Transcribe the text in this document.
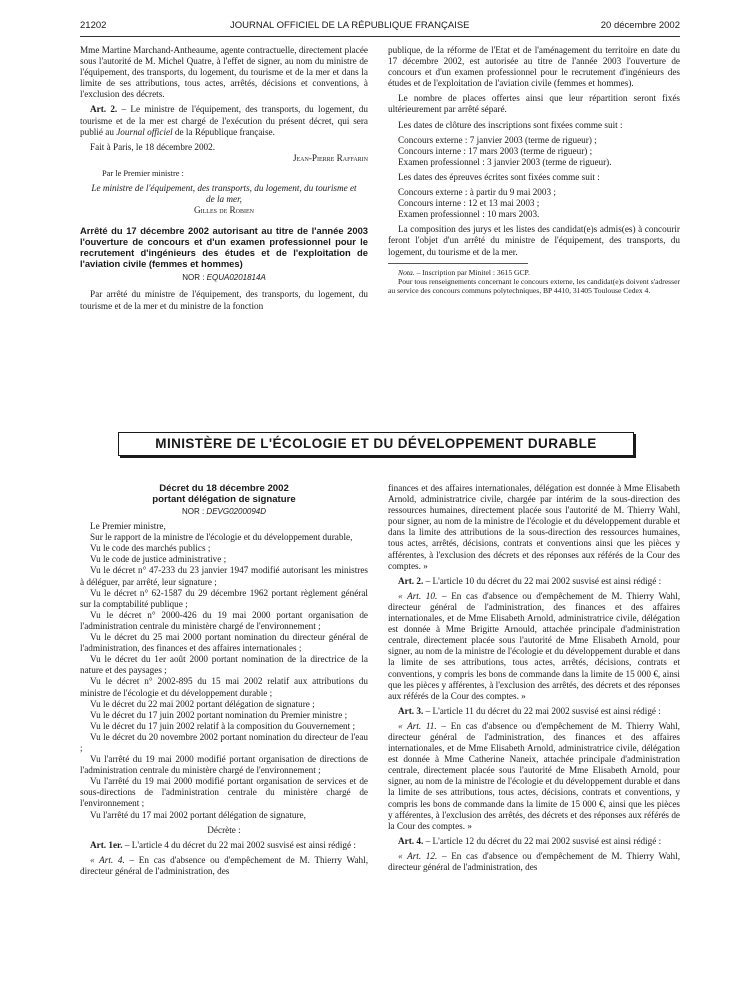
21202	JOURNAL OFFICIEL DE LA RÉPUBLIQUE FRANÇAISE	20 décembre 2002

Mme Martine Marchand-Antheaume, agente contractuelle, directement placée sous l'autorité de M. Michel Quatre, à l'effet de signer, au nom du ministre de l'équipement, des transports, du logement, du tourisme et de la mer et dans la limite de ses attributions, tous actes, arrêtés, décisions et conventions, à l'exclusion des décrets.

Art. 2. – Le ministre de l'équipement, des transports, du logement, du tourisme et de la mer est chargé de l'exécution du présent décret, qui sera publié au Journal officiel de la République française.

Fait à Paris, le 18 décembre 2002.

Jean-Pierre Raffarin

Par le Premier ministre :

Le ministre de l'équipement, des transports, du logement, du tourisme et de la mer,

Gilles de Robien

Arrêté du 17 décembre 2002 autorisant au titre de l'année 2003 l'ouverture de concours et d'un examen professionnel pour le recrutement d'ingénieurs des études et de l'exploitation de l'aviation civile (femmes et hommes)

NOR : EQUA0201814A

Par arrêté du ministre de l'équipement, des transports, du logement, du tourisme et de la mer et du ministre de la fonction

publique, de la réforme de l'Etat et de l'aménagement du territoire en date du 17 décembre 2002, est autorisée au titre de l'année 2003 l'ouverture de concours et d'un examen professionnel pour le recrutement d'ingénieurs des études et de l'exploitation de l'aviation civile (femmes et hommes).

Le nombre de places offertes ainsi que leur répartition seront fixés ultérieurement par arrêté séparé.

Les dates de clôture des inscriptions sont fixées comme suit :

Concours externe : 7 janvier 2003 (terme de rigueur) ;

Concours interne : 17 mars 2003 (terme de rigueur) ;

Examen professionnel : 3 janvier 2003 (terme de rigueur).

Les dates des épreuves écrites sont fixées comme suit :

Concours externe : à partir du 9 mai 2003 ;

Concours interne : 12 et 13 mai 2003 ;

Examen professionnel : 10 mars 2003.

La composition des jurys et les listes des candidat(e)s admis(es) à concourir feront l'objet d'un arrêté du ministre de l'équipement, des transports, du logement, du tourisme et de la mer.

Nota. – Inscription par Minitel : 3615 GCP.

Pour tous renseignements concernant le concours externe, les candidat(e)s doivent s'adresser au service des concours communs polytechniques, BP 4410, 31405 Toulouse Cedex 4.

MINISTÈRE DE L'ÉCOLOGIE ET DU DÉVELOPPEMENT DURABLE

Décret du 18 décembre 2002

portant délégation de signature

NOR : DEVG0200094D

Le Premier ministre,

Sur le rapport de la ministre de l'écologie et du développement durable,

Vu le code des marchés publics ;

Vu le code de justice administrative ;

Vu le décret n° 47-233 du 23 janvier 1947 modifié autorisant les ministres à déléguer, par arrêté, leur signature ;

Vu le décret n° 62-1587 du 29 décembre 1962 portant règlement général sur la comptabilité publique ;

Vu le décret n° 2000-426 du 19 mai 2000 portant organisation de l'administration centrale du ministère chargé de l'environnement ;

Vu le décret du 25 mai 2000 portant nomination du directeur général de l'administration, des finances et des affaires internationales ;

Vu le décret du 1er août 2000 portant nomination de la directrice de la nature et des paysages ;

Vu le décret n° 2002-895 du 15 mai 2002 relatif aux attributions du ministre de l'écologie et du développement durable ;

Vu le décret du 22 mai 2002 portant délégation de signature ;

Vu le décret du 17 juin 2002 portant nomination du Premier ministre ;

Vu le décret du 17 juin 2002 relatif à la composition du Gouvernement ;

Vu le décret du 20 novembre 2002 portant nomination du directeur de l'eau ;

Vu l'arrêté du 19 mai 2000 modifié portant organisation de directions de l'administration centrale du ministère chargé de l'environnement ;

Vu l'arrêté du 19 mai 2000 modifié portant organisation de services et de sous-directions de l'administration centrale du ministère chargé de l'environnement ;

Vu l'arrêté du 17 mai 2002 portant délégation de signature,

Décrète :

Art. 1er. – L'article 4 du décret du 22 mai 2002 susvisé est ainsi rédigé :

« Art. 4. – En cas d'absence ou d'empêchement de M. Thierry Wahl, directeur général de l'administration, des

finances et des affaires internationales, délégation est donnée à Mme Elisabeth Arnold, administratrice civile, chargée par intérim de la sous-direction des ressources humaines, directement placée sous l'autorité de M. Thierry Wahl, pour signer, au nom de la ministre de l'écologie et du développement durable et dans la limite des attributions de la sous-direction des ressources humaines, tous actes, arrêtés, décisions, contrats et conventions ainsi que les pièces y afférentes, à l'exclusion des décrets et des réponses aux référés de la Cour des comptes. »

Art. 2. – L'article 10 du décret du 22 mai 2002 susvisé est ainsi rédigé :

« Art. 10. – En cas d'absence ou d'empêchement de M. Thierry Wahl, directeur général de l'administration, des finances et des affaires internationales, et de Mme Elisabeth Arnold, administratrice civile, délégation est donnée à Mme Brigitte Arnould, attachée principale d'administration centrale, directement placée sous l'autorité de Mme Elisabeth Arnold, pour signer, au nom de la ministre de l'écologie et du développement durable et dans la limite de ses attributions, tous actes, arrêtés, décisions, contrats et conventions, y compris les bons de commande dans la limite de 15 000 €, ainsi que les pièces y afférentes, à l'exclusion des arrêtés, des décrets et des réponses aux référés de la Cour des comptes. »

Art. 3. – L'article 11 du décret du 22 mai 2002 susvisé est ainsi rédigé :

« Art. 11. – En cas d'absence ou d'empêchement de M. Thierry Wahl, directeur général de l'administration, des finances et des affaires internationales, et de Mme Elisabeth Arnold, administratrice civile, délégation est donnée à Mme Catherine Naneix, attachée principale d'administration centrale, directement placée sous l'autorité de Mme Elisabeth Arnold, pour signer, au nom de la ministre de l'écologie et du développement durable et dans la limite de ses attributions, tous actes, décisions, contrats et conventions, y compris les bons de commande dans la limite de 15 000 €, ainsi que les pièces y afférentes, à l'exclusion des arrêtés, des décrets et des réponses aux référés de la Cour des comptes. »

Art. 4. – L'article 12 du décret du 22 mai 2002 susvisé est ainsi rédigé :

« Art. 12. – En cas d'absence ou d'empêchement de M. Thierry Wahl, directeur général de l'administration, des
